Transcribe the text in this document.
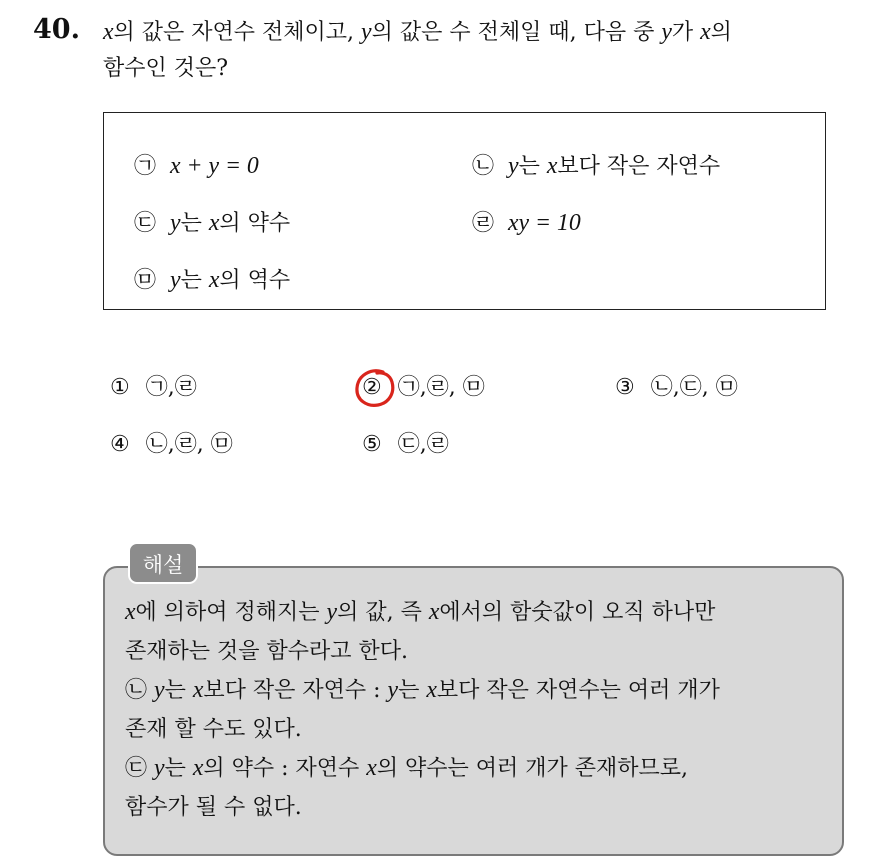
40. x의 값은 자연수 전체이고, y의 값은 수 전체일 때, 다음 중 y가 x의
함수인 것은?
㉠ x + y = 0	㉡ y는 x보다 작은 자연수
㉢ y는 x의 약수	㉣ xy = 10
㉤ y는 x의 역수
① ㉠,㉣	② ㉠,㉣, ㉤	③ ㉡,㉢, ㉤
④ ㉡,㉣, ㉤	⑤ ㉢,㉣
해설
x에 의하여 정해지는 y의 값, 즉 x에서의 함숫값이 오직 하나만
존재하는 것을 함수라고 한다.
㉡ y는 x보다 작은 자연수 : y는 x보다 작은 자연수는 여러 개가
존재 할 수도 있다.
㉢ y는 x의 약수 : 자연수 x의 약수는 여러 개가 존재하므로,
함수가 될 수 없다.
